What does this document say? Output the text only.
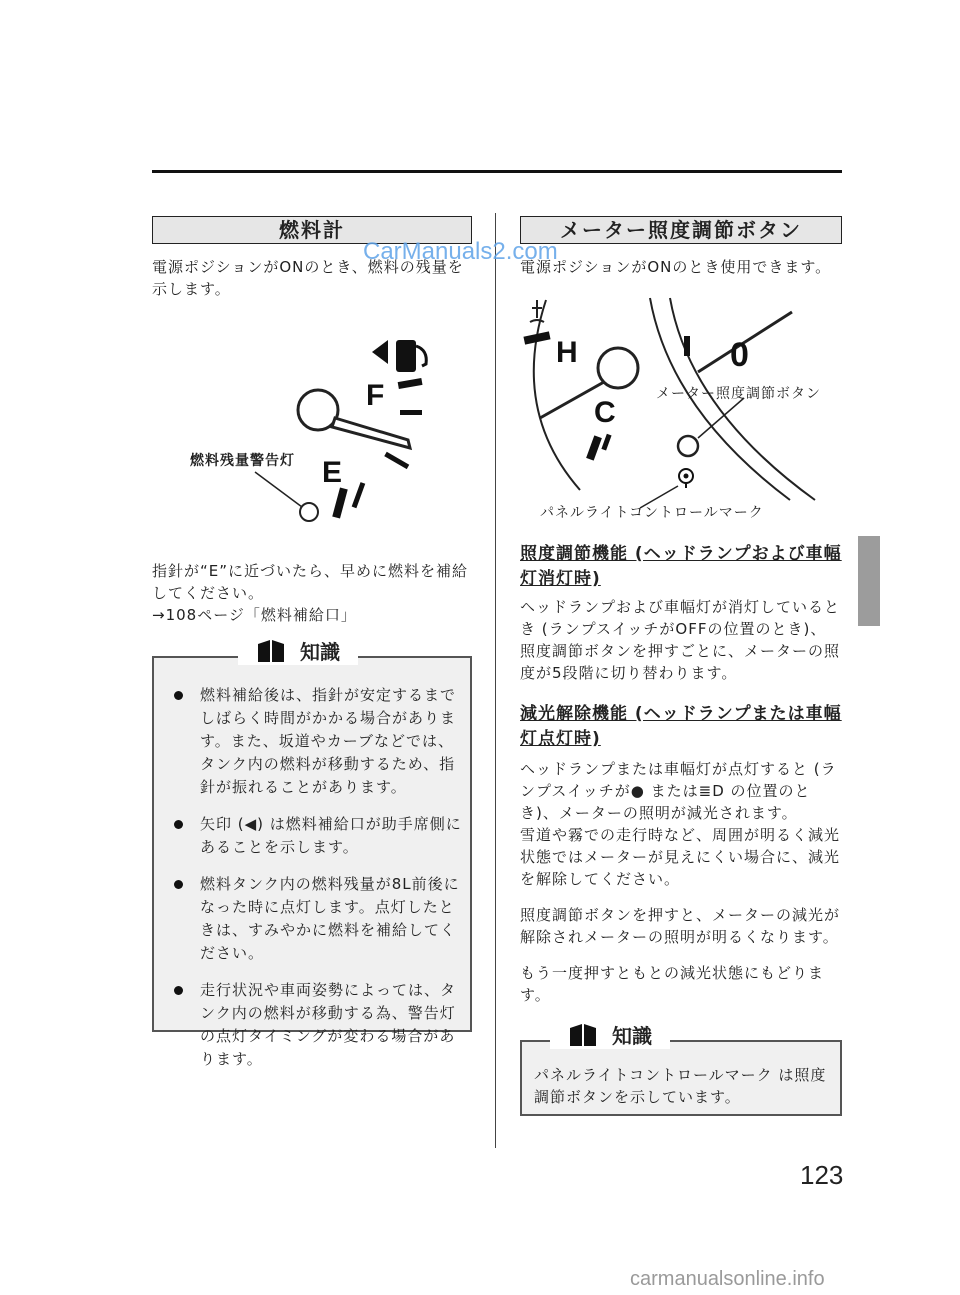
燃料計
電源ポジションがONのとき、燃料の残量を示します。
F
E
燃料残量警告灯
指針が“E”に近づいたら、早めに燃料を補給してください。
→108ページ「燃料補給口」
知識
燃料補給後は、指針が安定するまでしばらく時間がかかる場合があります。また、坂道やカーブなどでは、タンク内の燃料が移動するため、指針が振れることがあります。
矢印 (◀) は燃料補給口が助手席側にあることを示します。
燃料タンク内の燃料残量が8L前後になった時に点灯します。点灯したときは、すみやかに燃料を補給してください。
走行状況や車両姿勢によっては、タンク内の燃料が移動する為、警告灯の点灯タイミングが変わる場合があります。
メーター照度調節ボタン
CarManuals2.com
電源ポジションがONのとき使用できます。
H
C
0
メーター照度調節ボタン
パネルライトコントロールマーク
照度調節機能 (ヘッドランプおよび車幅灯消灯時)
ヘッドランプおよび車幅灯が消灯しているとき (ランプスイッチがOFFの位置のとき)、照度調節ボタンを押すごとに、メーターの照度が5段階に切り替わります。
減光解除機能 (ヘッドランプまたは車幅灯点灯時)
ヘッドランプまたは車幅灯が点灯すると (ランプスイッチが● または≣D の位置のとき)、メーターの照明が減光されます。
雪道や霧での走行時など、周囲が明るく減光状態ではメーターが見えにくい場合に、減光を解除してください。
照度調節ボタンを押すと、メーターの減光が解除されメーターの照明が明るくなります。
もう一度押すともとの減光状態にもどります。
知識
パネルライトコントロールマーク は照度調節ボタンを示しています。
123
carmanualsonline.info
